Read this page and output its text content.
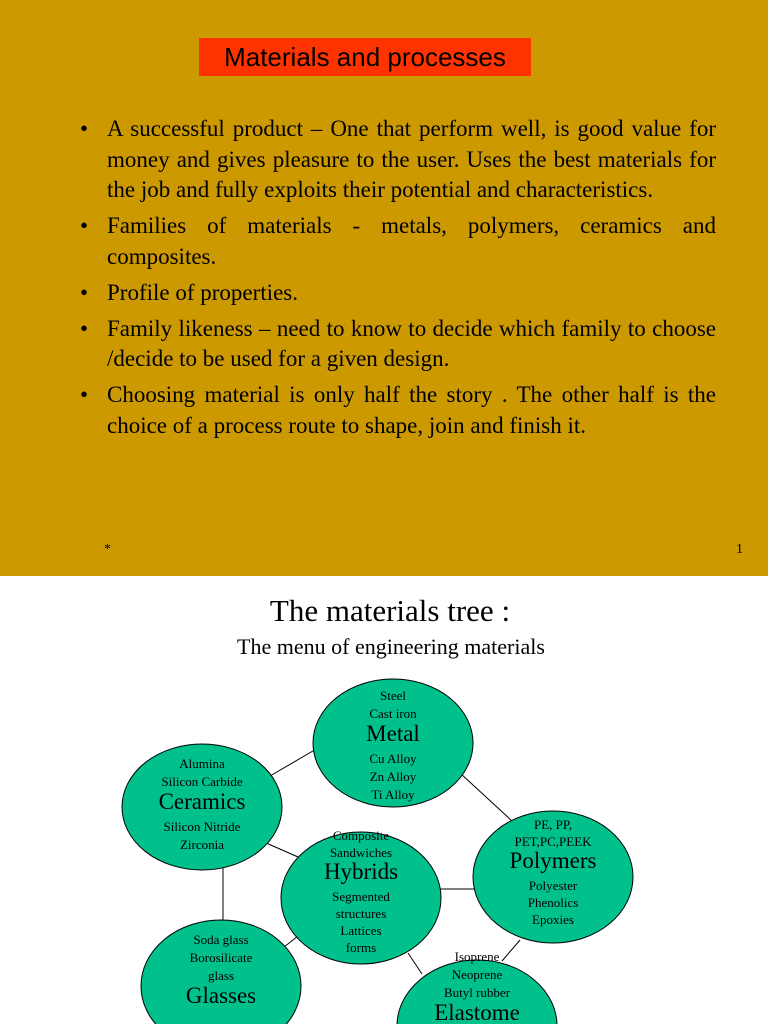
Materials and processes
• A successful product – One that perform well, is good value for money and gives pleasure to the user. Uses the best materials for the job and fully exploits their potential and characteristics.
• Families of materials - metals, polymers, ceramics and composites.
• Profile of properties.
• Family likeness – need to know to decide which family to choose /decide to be used for a given design.
• Choosing material is only half the story . The other half is the choice of a process route to shape, join and finish it.
*	1
The materials tree :
The menu of engineering materials
Steel
Cast iron
Metal
Cu Alloy
Zn Alloy
Ti Alloy
Alumina
Silicon Carbide
Ceramics
Silicon Nitride
Zirconia
Composite
Sandwiches
Hybrids
Segmented
structures
Lattices
forms
PE, PP,
PET,PC,PEEK
Polymers
Polyester
Phenolics
Epoxies
Soda glass
Borosilicate
glass
Glasses
Isoprene
Neoprene
Butyl rubber
Elastome
